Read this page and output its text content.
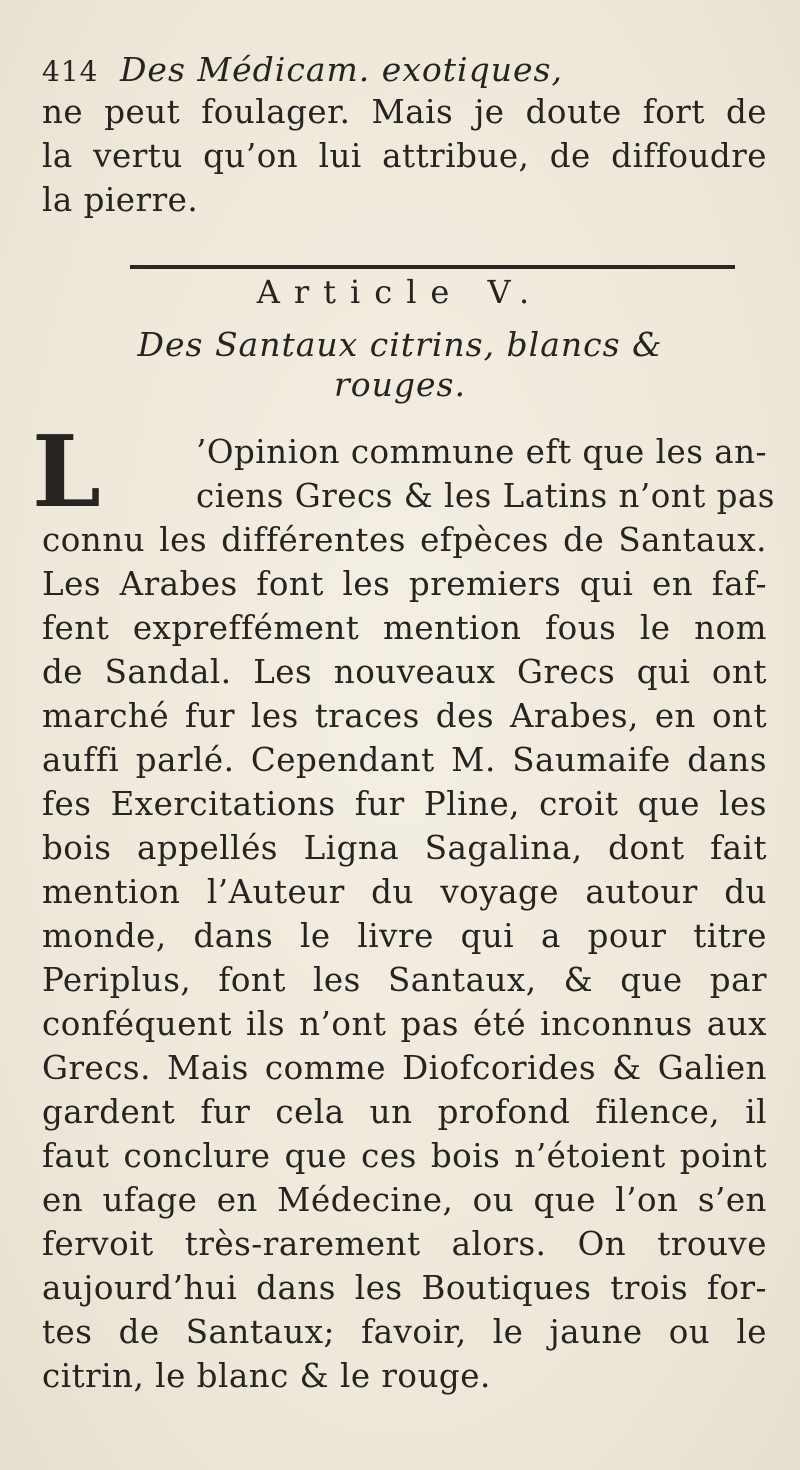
414 Des Médicam. exotiques,
ne peut foulager. Mais je doute fort de
la vertu qu’on lui attribue, de diffoudre
la pierre.
Article V.
Des Santaux citrins, blancs &
rouges.
L	’Opinion commune eft que les an-
ciens Grecs & les Latins n’ont pas
connu les différentes efpèces de Santaux.
Les Arabes font les premiers qui en faf-
fent expreffément mention fous le nom
de Sandal. Les nouveaux Grecs qui ont
marché fur les traces des Arabes, en ont
auffi parlé. Cependant M. Saumaife dans
fes Exercitations fur Pline, croit que les
bois appellés Ligna Sagalina, dont fait
mention l’Auteur du voyage autour du
monde, dans le livre qui a pour titre
Periplus, font les Santaux, & que par
conféquent ils n’ont pas été inconnus aux
Grecs. Mais comme Diofcorides & Galien
gardent fur cela un profond filence, il
faut conclure que ces bois n’étoient point
en ufage en Médecine, ou que l’on s’en
fervoit très-rarement alors. On trouve
aujourd’hui dans les Boutiques trois for-
tes de Santaux; favoir, le jaune ou le
citrin, le blanc & le rouge.
